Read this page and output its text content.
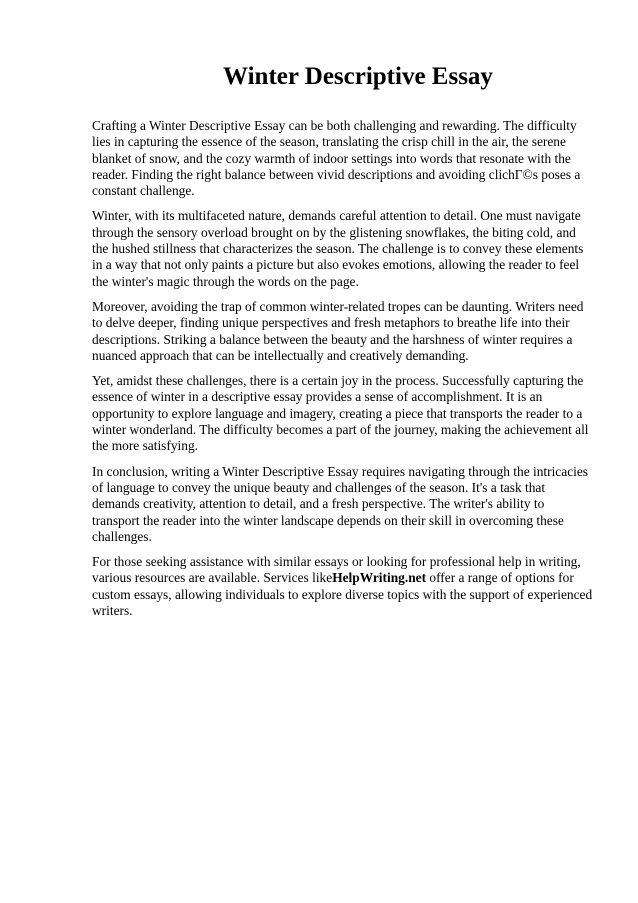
Winter Descriptive Essay

Crafting a Winter Descriptive Essay can be both challenging and rewarding. The difficulty lies in capturing the essence of the season, translating the crisp chill in the air, the serene blanket of snow, and the cozy warmth of indoor settings into words that resonate with the reader. Finding the right balance between vivid descriptions and avoiding clichГ©s poses a constant challenge.

Winter, with its multifaceted nature, demands careful attention to detail. One must navigate through the sensory overload brought on by the glistening snowflakes, the biting cold, and the hushed stillness that characterizes the season. The challenge is to convey these elements in a way that not only paints a picture but also evokes emotions, allowing the reader to feel the winter's magic through the words on the page.

Moreover, avoiding the trap of common winter-related tropes can be daunting. Writers need to delve deeper, finding unique perspectives and fresh metaphors to breathe life into their descriptions. Striking a balance between the beauty and the harshness of winter requires a nuanced approach that can be intellectually and creatively demanding.

Yet, amidst these challenges, there is a certain joy in the process. Successfully capturing the essence of winter in a descriptive essay provides a sense of accomplishment. It is an opportunity to explore language and imagery, creating a piece that transports the reader to a winter wonderland. The difficulty becomes a part of the journey, making the achievement all the more satisfying.

In conclusion, writing a Winter Descriptive Essay requires navigating through the intricacies of language to convey the unique beauty and challenges of the season. It's a task that demands creativity, attention to detail, and a fresh perspective. The writer's ability to transport the reader into the winter landscape depends on their skill in overcoming these challenges.

For those seeking assistance with similar essays or looking for professional help in writing, various resources are available. Services likeHelpWriting.net offer a range of options for custom essays, allowing individuals to explore diverse topics with the support of experienced writers.
